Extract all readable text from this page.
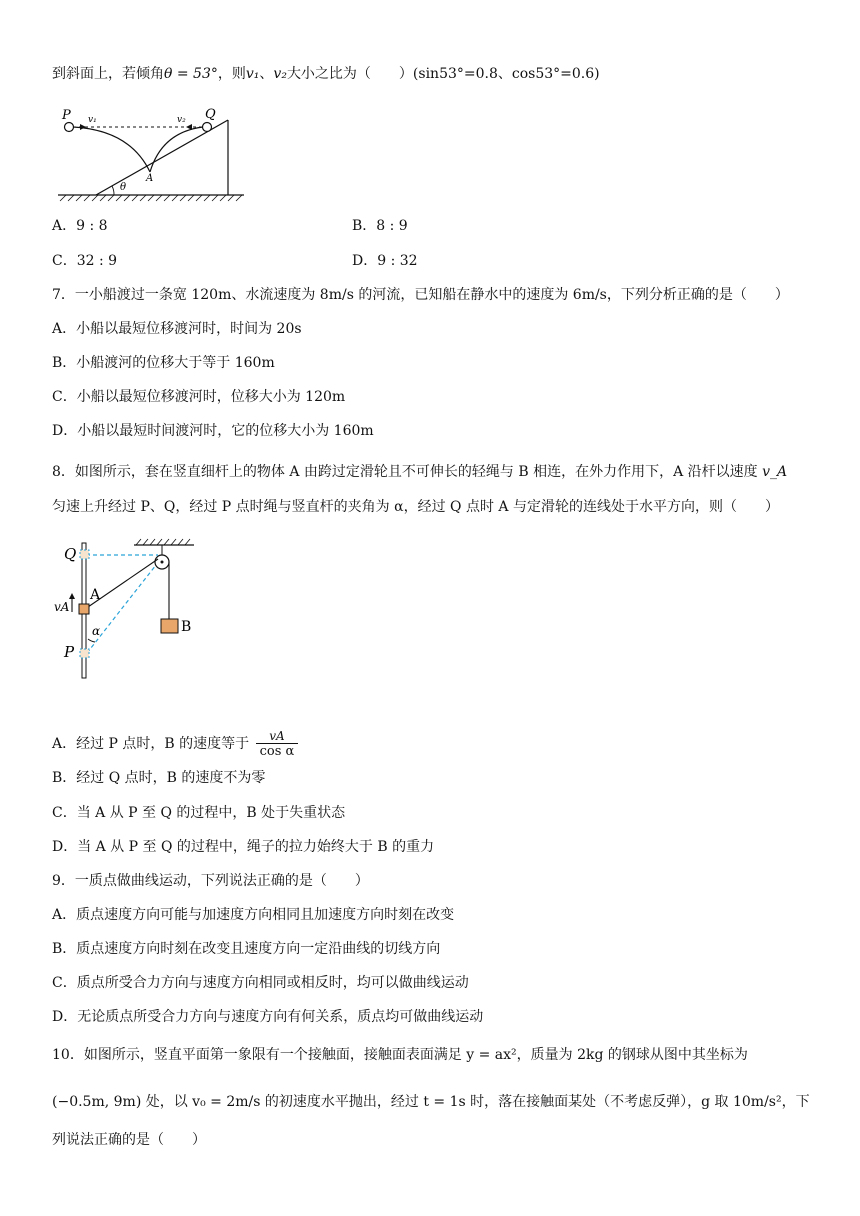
到斜面上，若倾角θ = 53°，则v₁、v₂大小之比为（　　）(sin53°=0.8、cos53°=0.6)
P	Q
v₁	v₂
A
θ
A．9 : 8	B．8 : 9
C．32 : 9	D．9 : 32
7．一小船渡过一条宽 120m、水流速度为 8m/s 的河流，已知船在静水中的速度为 6m/s，下列分析正确的是（　　）
A．小船以最短位移渡河时，时间为 20s
B．小船渡河的位移大于等于 160m
C．小船以最短位移渡河时，位移大小为 120m
D．小船以最短时间渡河时，它的位移大小为 160m
8．如图所示，套在竖直细杆上的物体 A 由跨过定滑轮且不可伸长的轻绳与 B 相连，在外力作用下，A 沿杆以速度 v_A
匀速上升经过 P、Q，经过 P 点时绳与竖直杆的夹角为 α，经过 Q 点时 A 与定滑轮的连线处于水平方向，则（　　）
Q
P
A
B
vA
α
A．经过 P 点时，B 的速度等于 $\frac{vA}{\text{cos α}}$
B．经过 Q 点时，B 的速度不为零
C．当 A 从 P 至 Q 的过程中，B 处于失重状态
D．当 A 从 P 至 Q 的过程中，绳子的拉力始终大于 B 的重力
9．一质点做曲线运动，下列说法正确的是（　　）
A．质点速度方向可能与加速度方向相同且加速度方向时刻在改变
B．质点速度方向时刻在改变且速度方向一定沿曲线的切线方向
C．质点所受合力方向与速度方向相同或相反时，均可以做曲线运动
D．无论质点所受合力方向与速度方向有何关系，质点均可做曲线运动
10．如图所示，竖直平面第一象限有一个接触面，接触面表面满足 y = ax²，质量为 2kg 的钢球从图中其坐标为
(−0.5m, 9m) 处，以 v₀ = 2m/s 的初速度水平抛出，经过 t = 1s 时，落在接触面某处（不考虑反弹），g 取 10m/s²，下
列说法正确的是（　　）
